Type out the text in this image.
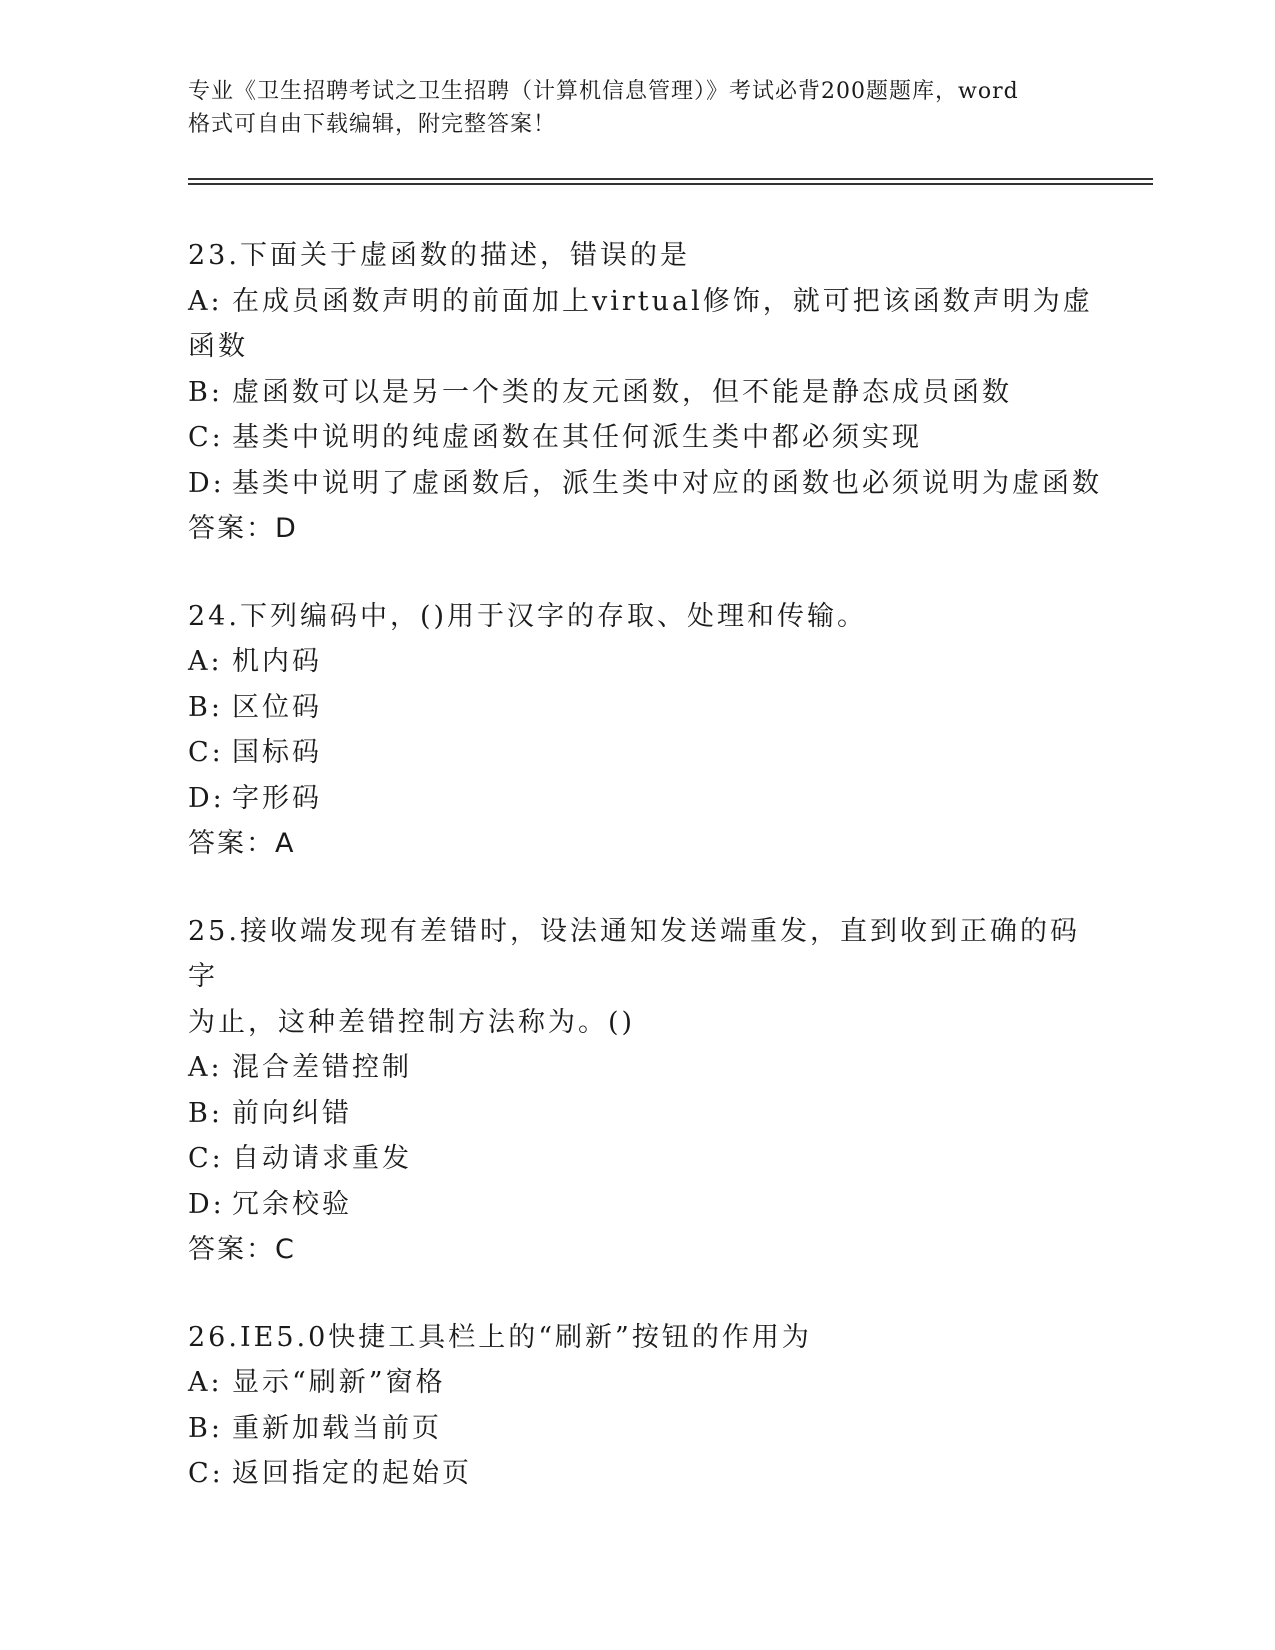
专业《卫生招聘考试之卫生招聘（计算机信息管理）》考试必背200题题库，word
格式可自由下载编辑，附完整答案！
23.下面关于虚函数的描述，错误的是
A: 在成员函数声明的前面加上virtual修饰，就可把该函数声明为虚
函数
B: 虚函数可以是另一个类的友元函数，但不能是静态成员函数
C: 基类中说明的纯虚函数在其任何派生类中都必须实现
D: 基类中说明了虚函数后，派生类中对应的函数也必须说明为虚函数
答案：D
24.下列编码中，()用于汉字的存取、处理和传输。
A: 机内码
B: 区位码
C: 国标码
D: 字形码
答案：A
25.接收端发现有差错时，设法通知发送端重发，直到收到正确的码字
为止，这种差错控制方法称为。()
A: 混合差错控制
B: 前向纠错
C: 自动请求重发
D: 冗余校验
答案：C
26.IE5.0快捷工具栏上的“刷新”按钮的作用为
A: 显示“刷新”窗格
B: 重新加载当前页
C: 返回指定的起始页
